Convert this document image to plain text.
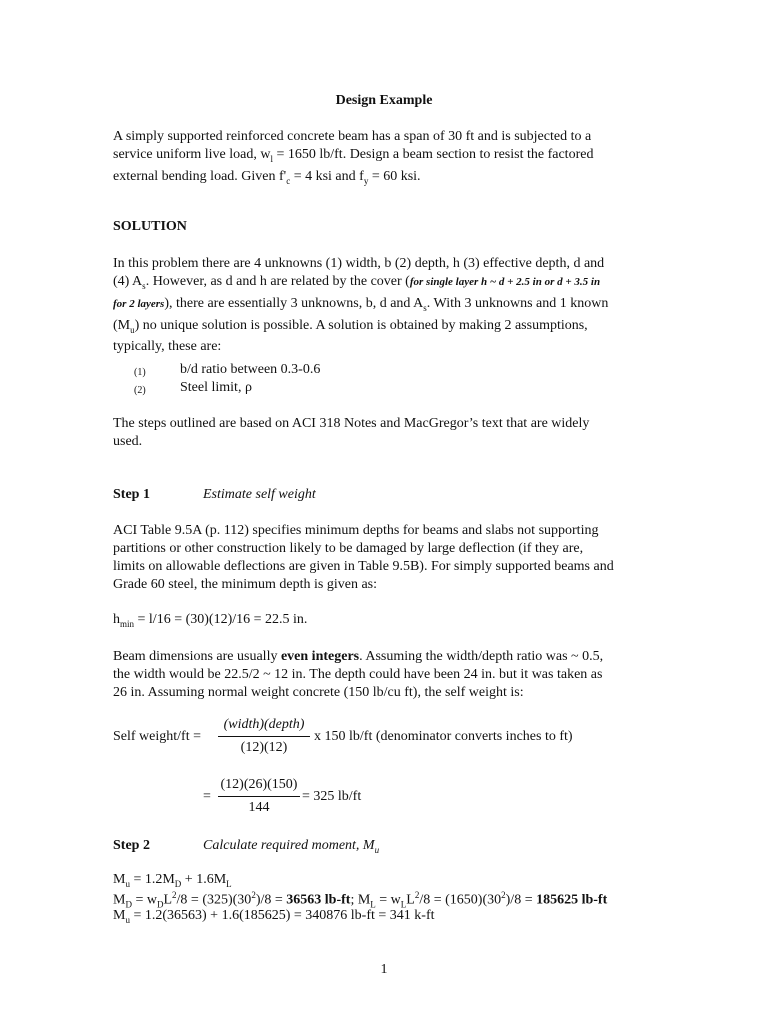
Design Example
A simply supported reinforced concrete beam has a span of 30 ft and is subjected to a
service uniform live load, $w_l = 1650$ lb/ft. Design a beam section to resist the factored
external bending load. Given $f'_c = 4$ ksi and $f_y = 60$ ksi.
SOLUTION
In this problem there are 4 unknowns (1) width, b (2) depth, h (3) effective depth, d and
(4) $A_s$. However, as d and h are related by the cover (for single layer h ~ d + 2.5 in or d + 3.5 in
for 2 layers), there are essentially 3 unknowns, b, d and $A_s$. With 3 unknowns and 1 known
$(M_u)$ no unique solution is possible. A solution is obtained by making 2 assumptions,
typically, these are:
(1) b/d ratio between 0.3-0.6
(2) Steel limit, ρ
The steps outlined are based on ACI 318 Notes and MacGregor’s text that are widely
used.
Step 1	Estimate self weight
ACI Table 9.5A (p. 112) specifies minimum depths for beams and slabs not supporting
partitions or other construction likely to be damaged by large deflection (if they are,
limits on allowable deflections are given in Table 9.5B). For simply supported beams and
Grade 60 steel, the minimum depth is given as:
$h_{min} = l/16 = (30)(12)/16 = 22.5$ in.
Beam dimensions are usually even integers. Assuming the width/depth ratio was ~ 0.5,
the width would be 22.5/2 ~ 12 in. The depth could have been 24 in. but it was taken as
26 in. Assuming normal weight concrete (150 lb/cu ft), the self weight is:
Self weight/ft =
(width)(depth)
(12)(12)
x 150 lb/ft (denominator converts inches to ft)
=
(12)(26)(150)
144
= 325 lb/ft
Step 2	Calculate required moment, $M_u$
$M_u = 1.2M_D + 1.6M_L$
$M_D = w_DL^2/8 = (325)(30^2)/8 = 36563$ lb-ft; $M_L = w_LL^2/8 = (1650)(30^2)/8 = 185625$ lb-ft
$M_u = 1.2(36563) + 1.6(185625) = 340876$ lb-ft = 341 k-ft
1
